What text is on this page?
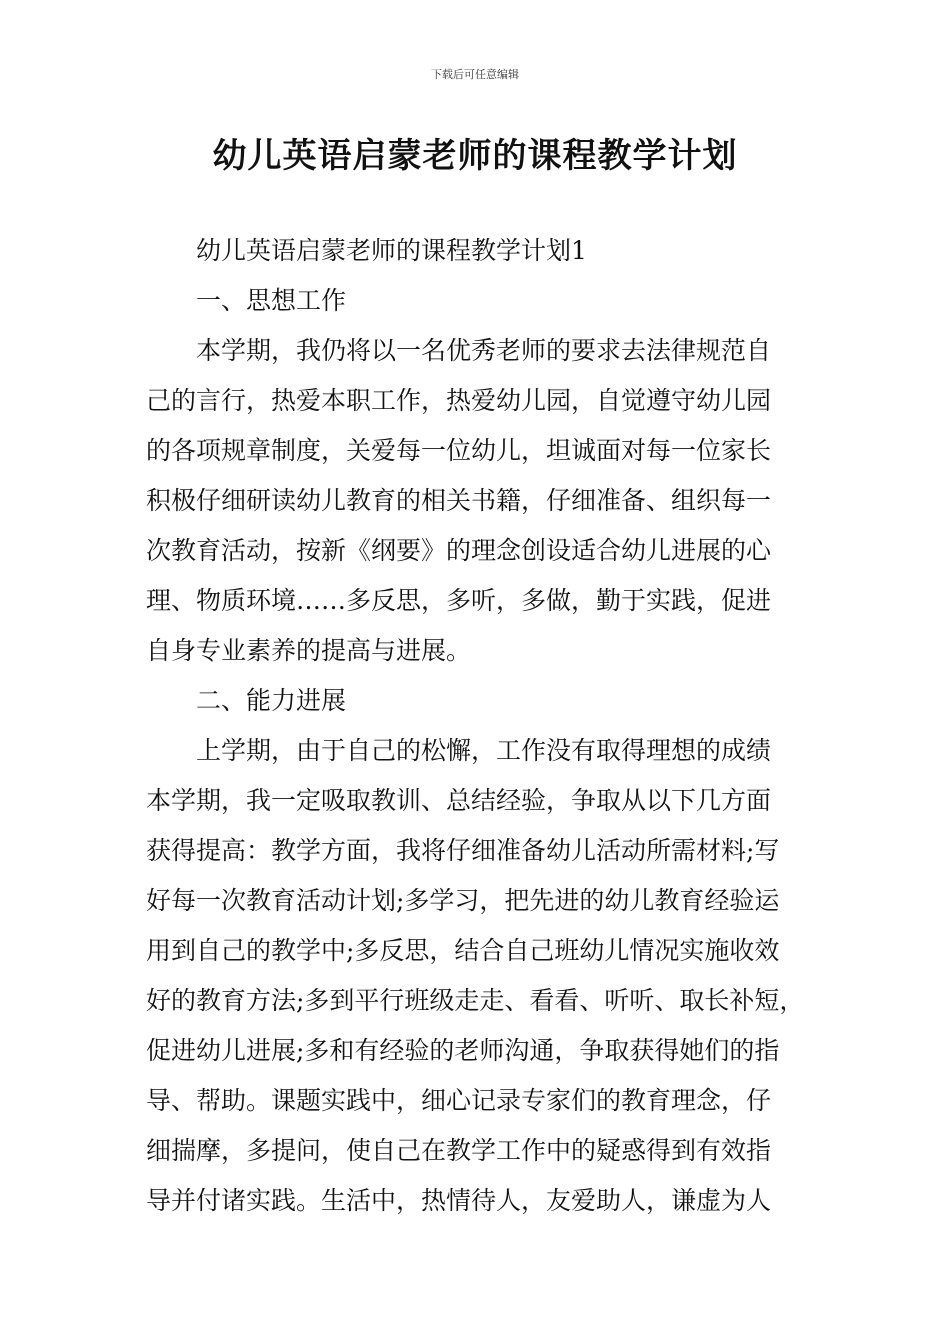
下载后可任意编辑
幼儿英语启蒙老师的课程教学计划
幼儿英语启蒙老师的课程教学计划1
一、思想工作
本学期，我仍将以一名优秀老师的要求去法律规范自
己的言行，热爱本职工作，热爱幼儿园，自觉遵守幼儿园
的各项规章制度，关爱每一位幼儿，坦诚面对每一位家长
积极仔细研读幼儿教育的相关书籍，仔细准备、组织每一
次教育活动，按新《纲要》的理念创设适合幼儿进展的心
理、物质环境……多反思，多听，多做，勤于实践，促进
自身专业素养的提高与进展。
二、能力进展
上学期，由于自己的松懈，工作没有取得理想的成绩
本学期，我一定吸取教训、总结经验，争取从以下几方面
获得提高：教学方面，我将仔细准备幼儿活动所需材料;写
好每一次教育活动计划;多学习，把先进的幼儿教育经验运
用到自己的教学中;多反思，结合自己班幼儿情况实施收效
好的教育方法;多到平行班级走走、看看、听听、取长补短，
促进幼儿进展;多和有经验的老师沟通，争取获得她们的指
导、帮助。课题实践中，细心记录专家们的教育理念，仔
细揣摩，多提问，使自己在教学工作中的疑惑得到有效指
导并付诸实践。生活中，热情待人，友爱助人，谦虚为人
